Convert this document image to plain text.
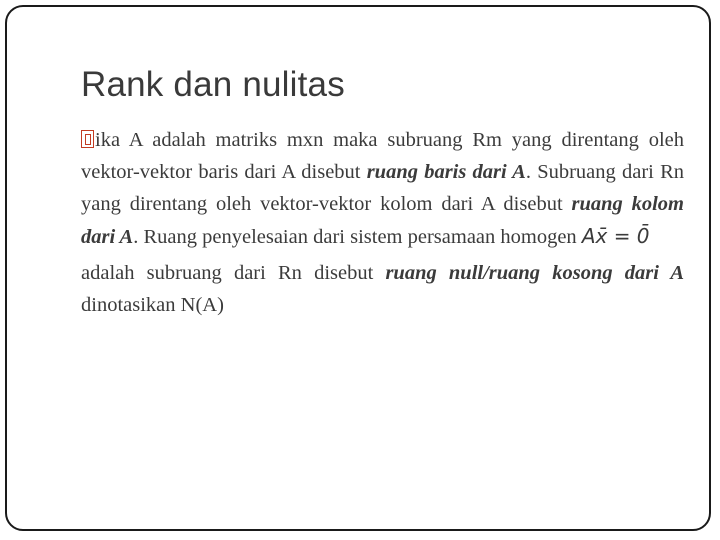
Rank dan nulitas
ika A adalah matriks mxn maka subruang Rm yang direntang oleh vektor-vektor baris dari A disebut ruang baris dari A. Subruang dari Rn yang direntang oleh vektor-vektor kolom dari A disebut ruang kolom dari A. Ruang penyelesaian dari sistem persamaan homogen Ax̄ = 0̄
adalah subruang dari Rn disebut ruang null/ruang kosong dari A dinotasikan N(A)
